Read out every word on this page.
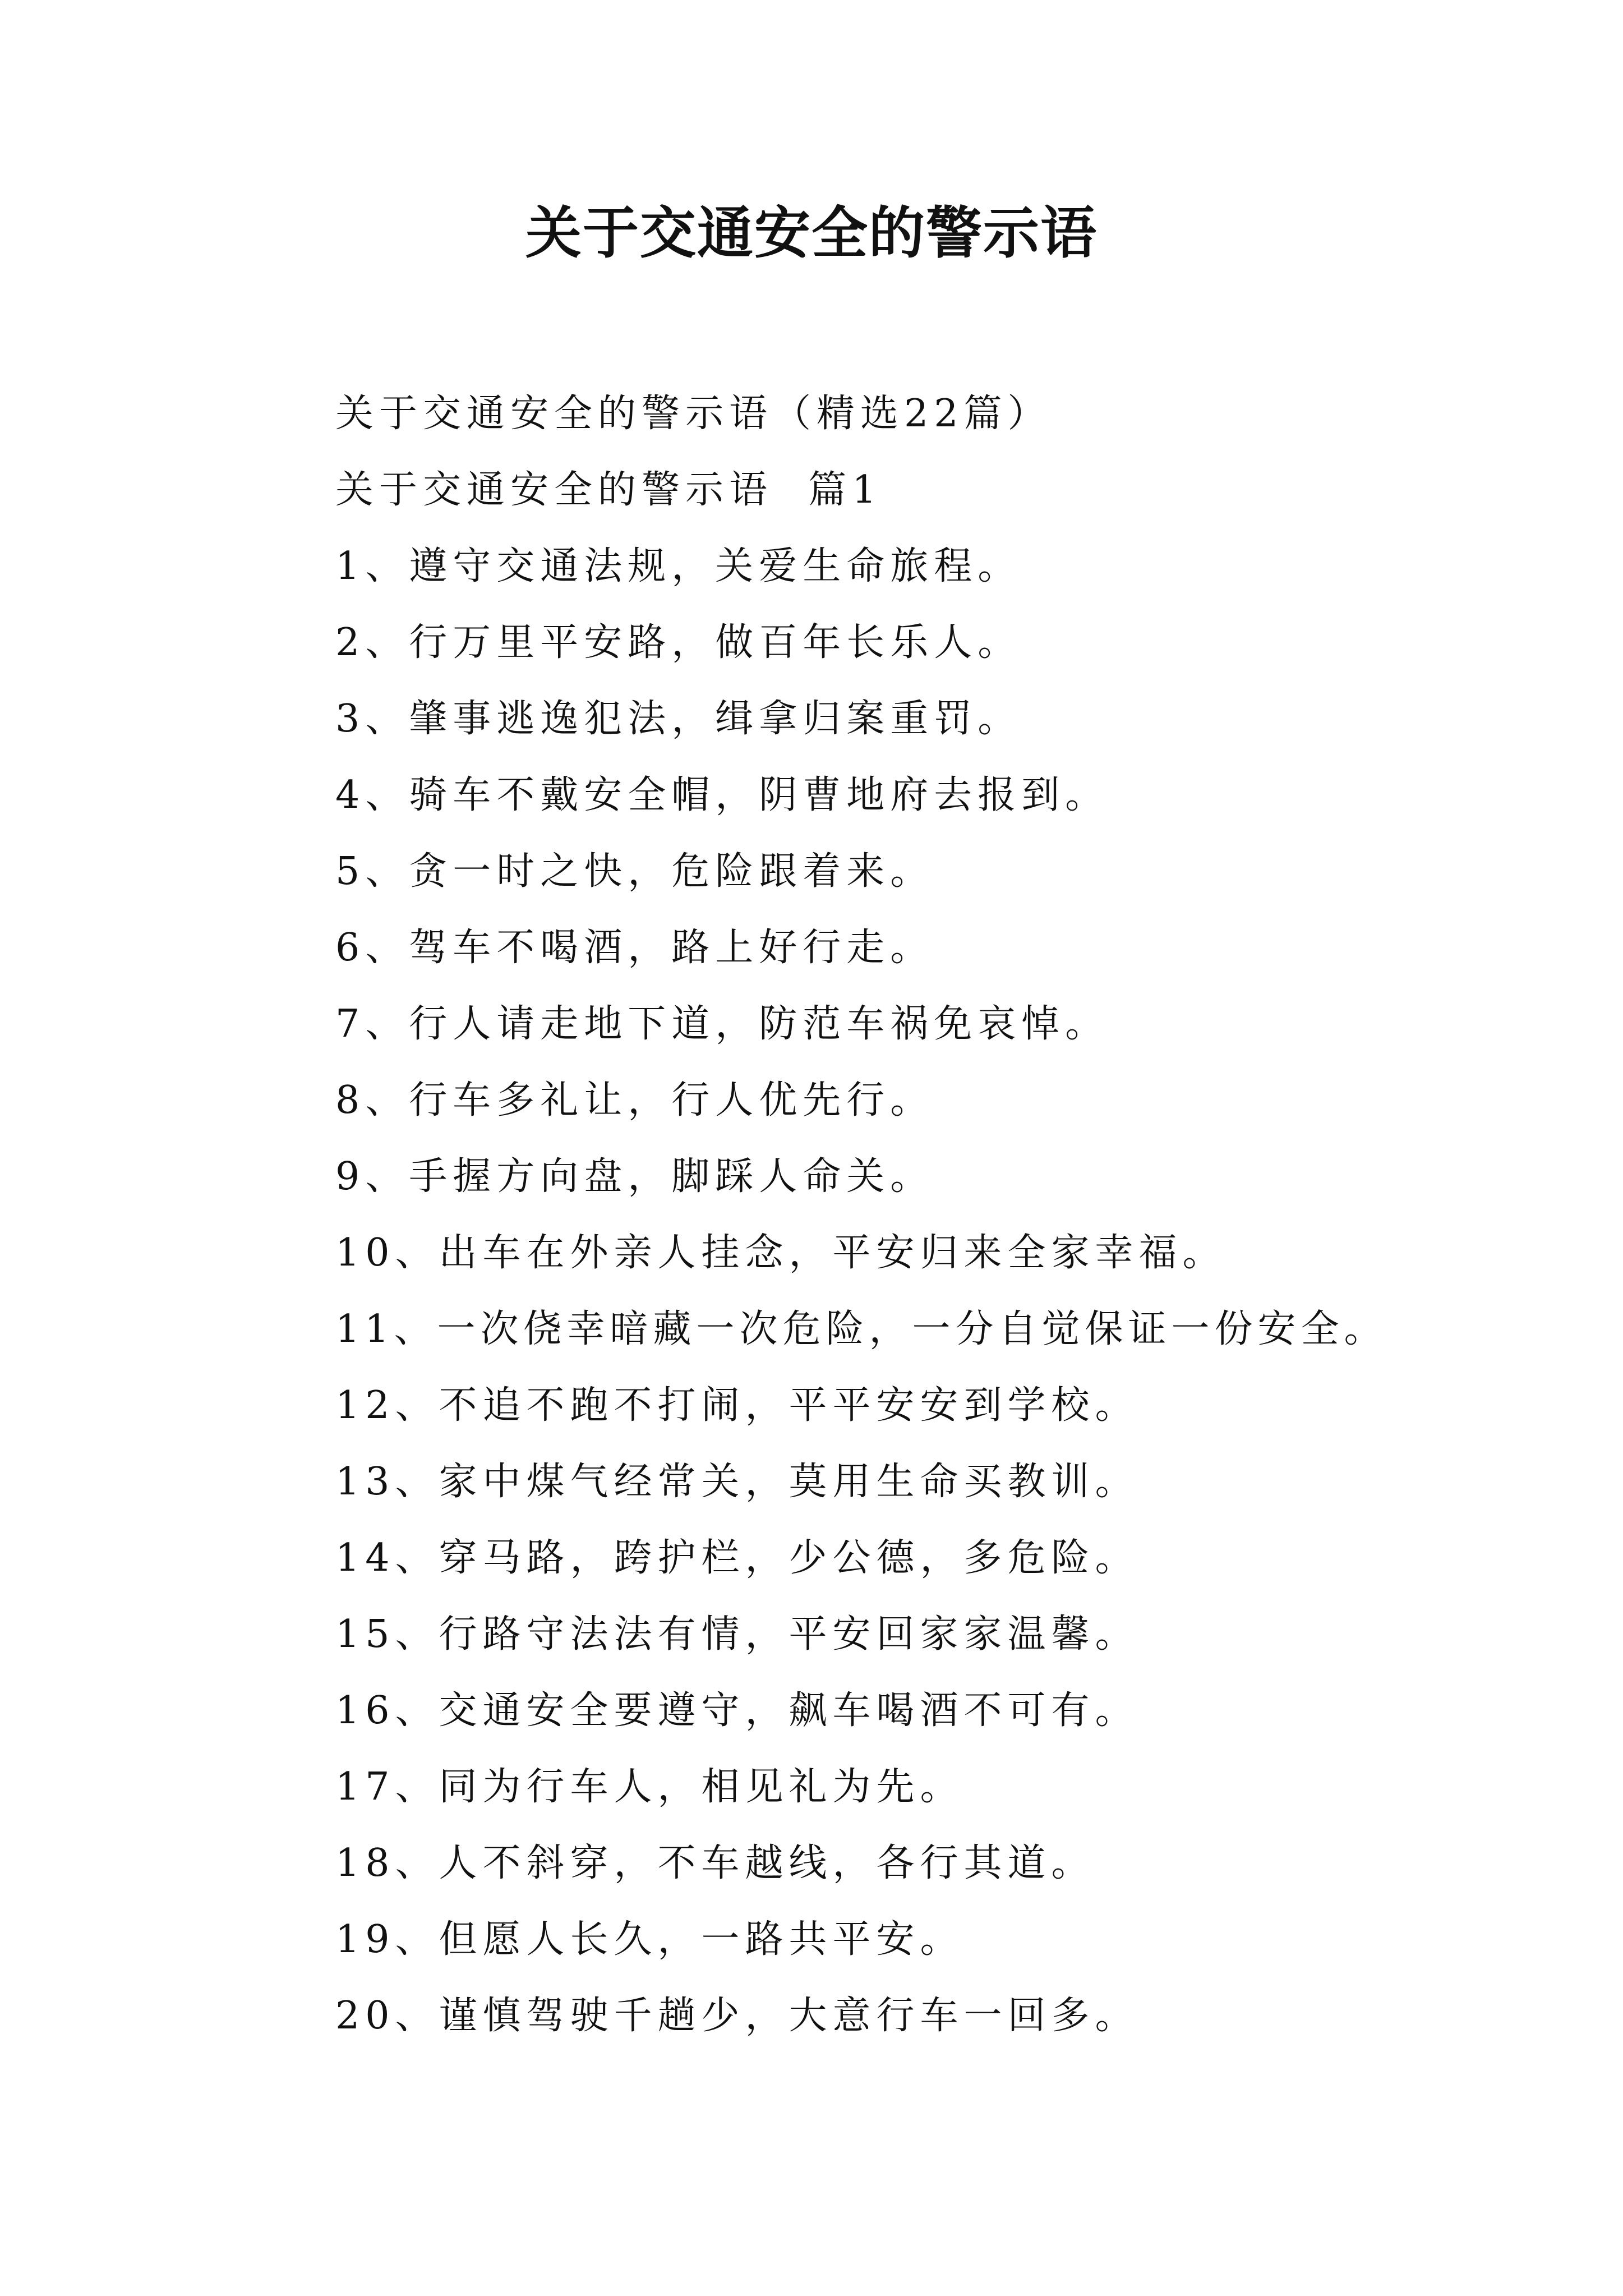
关于交通安全的警示语
关于交通安全的警示语（精选22篇）
关于交通安全的警示语  篇1
1、遵守交通法规，关爱生命旅程。
2、行万里平安路，做百年长乐人。
3、肇事逃逸犯法，缉拿归案重罚。
4、骑车不戴安全帽，阴曹地府去报到。
5、贪一时之快，危险跟着来。
6、驾车不喝酒，路上好行走。
7、行人请走地下道，防范车祸免哀悼。
8、行车多礼让，行人优先行。
9、手握方向盘，脚踩人命关。
10、出车在外亲人挂念，平安归来全家幸福。
11、一次侥幸暗藏一次危险，一分自觉保证一份安全。
12、不追不跑不打闹，平平安安到学校。
13、家中煤气经常关，莫用生命买教训。
14、穿马路，跨护栏，少公德，多危险。
15、行路守法法有情，平安回家家温馨。
16、交通安全要遵守，飙车喝酒不可有。
17、同为行车人，相见礼为先。
18、人不斜穿，不车越线，各行其道。
19、但愿人长久，一路共平安。
20、谨慎驾驶千趟少，大意行车一回多。
